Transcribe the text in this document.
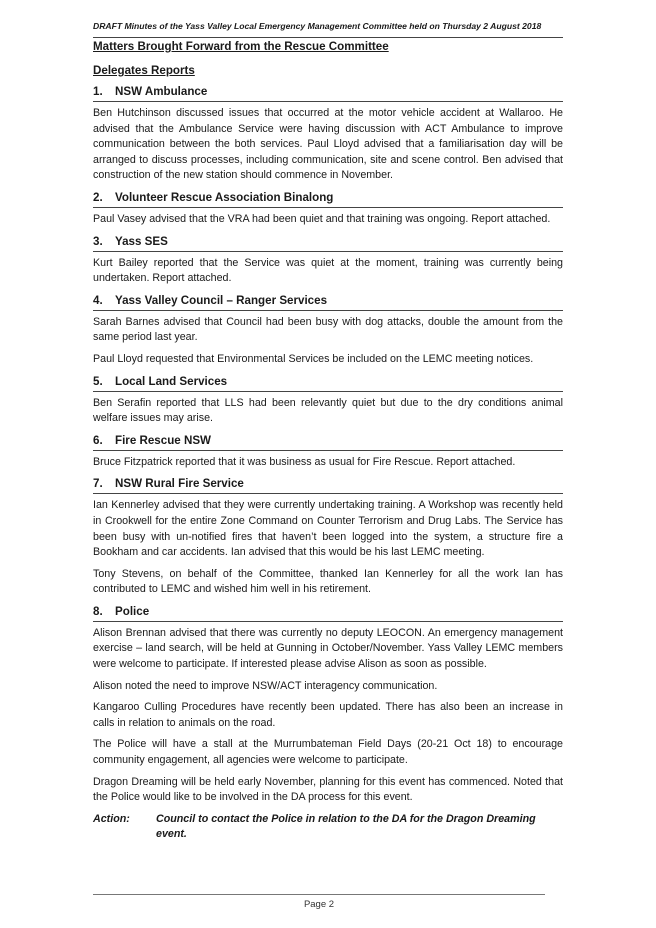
DRAFT Minutes of the Yass Valley Local Emergency Management Committee held on Thursday 2 August 2018
Matters Brought Forward from the Rescue Committee
Delegates Reports
1.	NSW Ambulance

Ben Hutchinson discussed issues that occurred at the motor vehicle accident at Wallaroo. He advised that the Ambulance Service were having discussion with ACT Ambulance to improve communication between the both services. Paul Lloyd advised that a familiarisation day will be arranged to discuss processes, including communication, site and scene control. Ben advised that construction of the new station should commence in November.

2.	Volunteer Rescue Association Binalong

Paul Vasey advised that the VRA had been quiet and that training was ongoing. Report attached.

3.	Yass SES

Kurt Bailey reported that the Service was quiet at the moment, training was currently being undertaken. Report attached.

4.	Yass Valley Council – Ranger Services

Sarah Barnes advised that Council had been busy with dog attacks, double the amount from the same period last year.

Paul Lloyd requested that Environmental Services be included on the LEMC meeting notices.

5.	Local Land Services

Ben Serafin reported that LLS had been relevantly quiet but due to the dry conditions animal welfare issues may arise.

6.	Fire Rescue NSW

Bruce Fitzpatrick reported that it was business as usual for Fire Rescue. Report attached.

7.	NSW Rural Fire Service

Ian Kennerley advised that they were currently undertaking training. A Workshop was recently held in Crookwell for the entire Zone Command on Counter Terrorism and Drug Labs. The Service has been busy with un-notified fires that haven’t been logged into the system, a structure fire a Bookham and car accidents. Ian advised that this would be his last LEMC meeting.

Tony Stevens, on behalf of the Committee, thanked Ian Kennerley for all the work Ian has contributed to LEMC and wished him well in his retirement.

8.	Police

Alison Brennan advised that there was currently no deputy LEOCON. An emergency management exercise – land search, will be held at Gunning in October/November. Yass Valley LEMC members were welcome to participate. If interested please advise Alison as soon as possible.

Alison noted the need to improve NSW/ACT interagency communication.

Kangaroo Culling Procedures have recently been updated. There has also been an increase in calls in relation to animals on the road.

The Police will have a stall at the Murrumbateman Field Days (20-21 Oct 18) to encourage community engagement, all agencies were welcome to participate.

Dragon Dreaming will be held early November, planning for this event has commenced. Noted that the Police would like to be involved in the DA process for this event.

Action:	Council to contact the Police in relation to the DA for the Dragon Dreaming event.
Page 2
